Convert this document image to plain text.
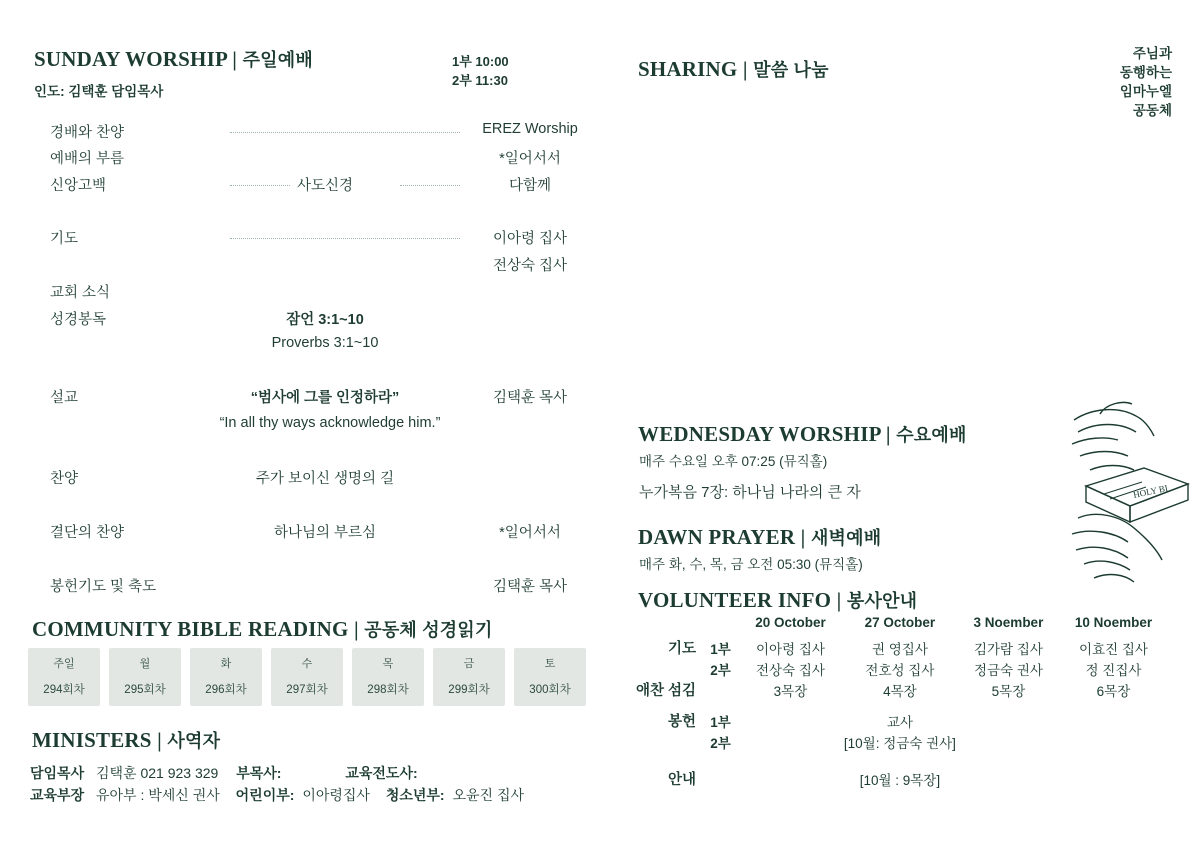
주님과
동행하는
임마누엘
공동체
SUNDAY WORSHIP | 주일예배
인도: 김택훈 담임목사
1부 10:00
2부 11:30
경배와 찬양	EREZ Worship
예배의 부름	*일어서서
신앙고백	사도신경	다함께
기도	이아령 집사
전상숙 집사
교회 소식
성경봉독	잠언 3:1~10
Proverbs 3:1~10
설교	“범사에 그를 인정하라”	김택훈 목사
“In all thy ways acknowledge him.”
찬양	주가 보이신 생명의 길
결단의 찬양	하나님의 부르심	*일어서서
봉헌기도 및 축도	김택훈 목사
COMMUNITY BIBLE READING | 공동체 성경읽기
주일
294회차
월
295회차
화
296회차
수
297회차
목
298회차
금
299회차
토
300회차
MINISTERS | 사역자
담임목사 김택훈 021 923 329 부목사:	교육전도사:
교육부장 유아부 : 박세신 권사 어린이부: 이아령집사 청소년부: 오윤진 집사
SHARING | 말씀 나눔
HOLY BI
WEDNESDAY WORSHIP | 수요예배
매주 수요일 오후 07:25 (뮤직홀)
누가복음 7장: 하나님 나라의 큰 자
DAWN PRAYER | 새벽예배
매주 화, 수, 목, 금 오전 05:30 (뮤직홀)
VOLUNTEER INFO | 봉사안내
		20 October	27 October	3 Noember	10 Noember
기도	1부	이아령 집사	권 영집사	김가람 집사	이효진 집사
	2부	전상숙 집사	전호성 집사	정금숙 권사	정 진집사
애찬 섬김		3목장	4목장	5목장	6목장
봉헌	1부		교사		
	2부		[10월: 정금숙 권사]		
안내			[10월 : 9목장]		
